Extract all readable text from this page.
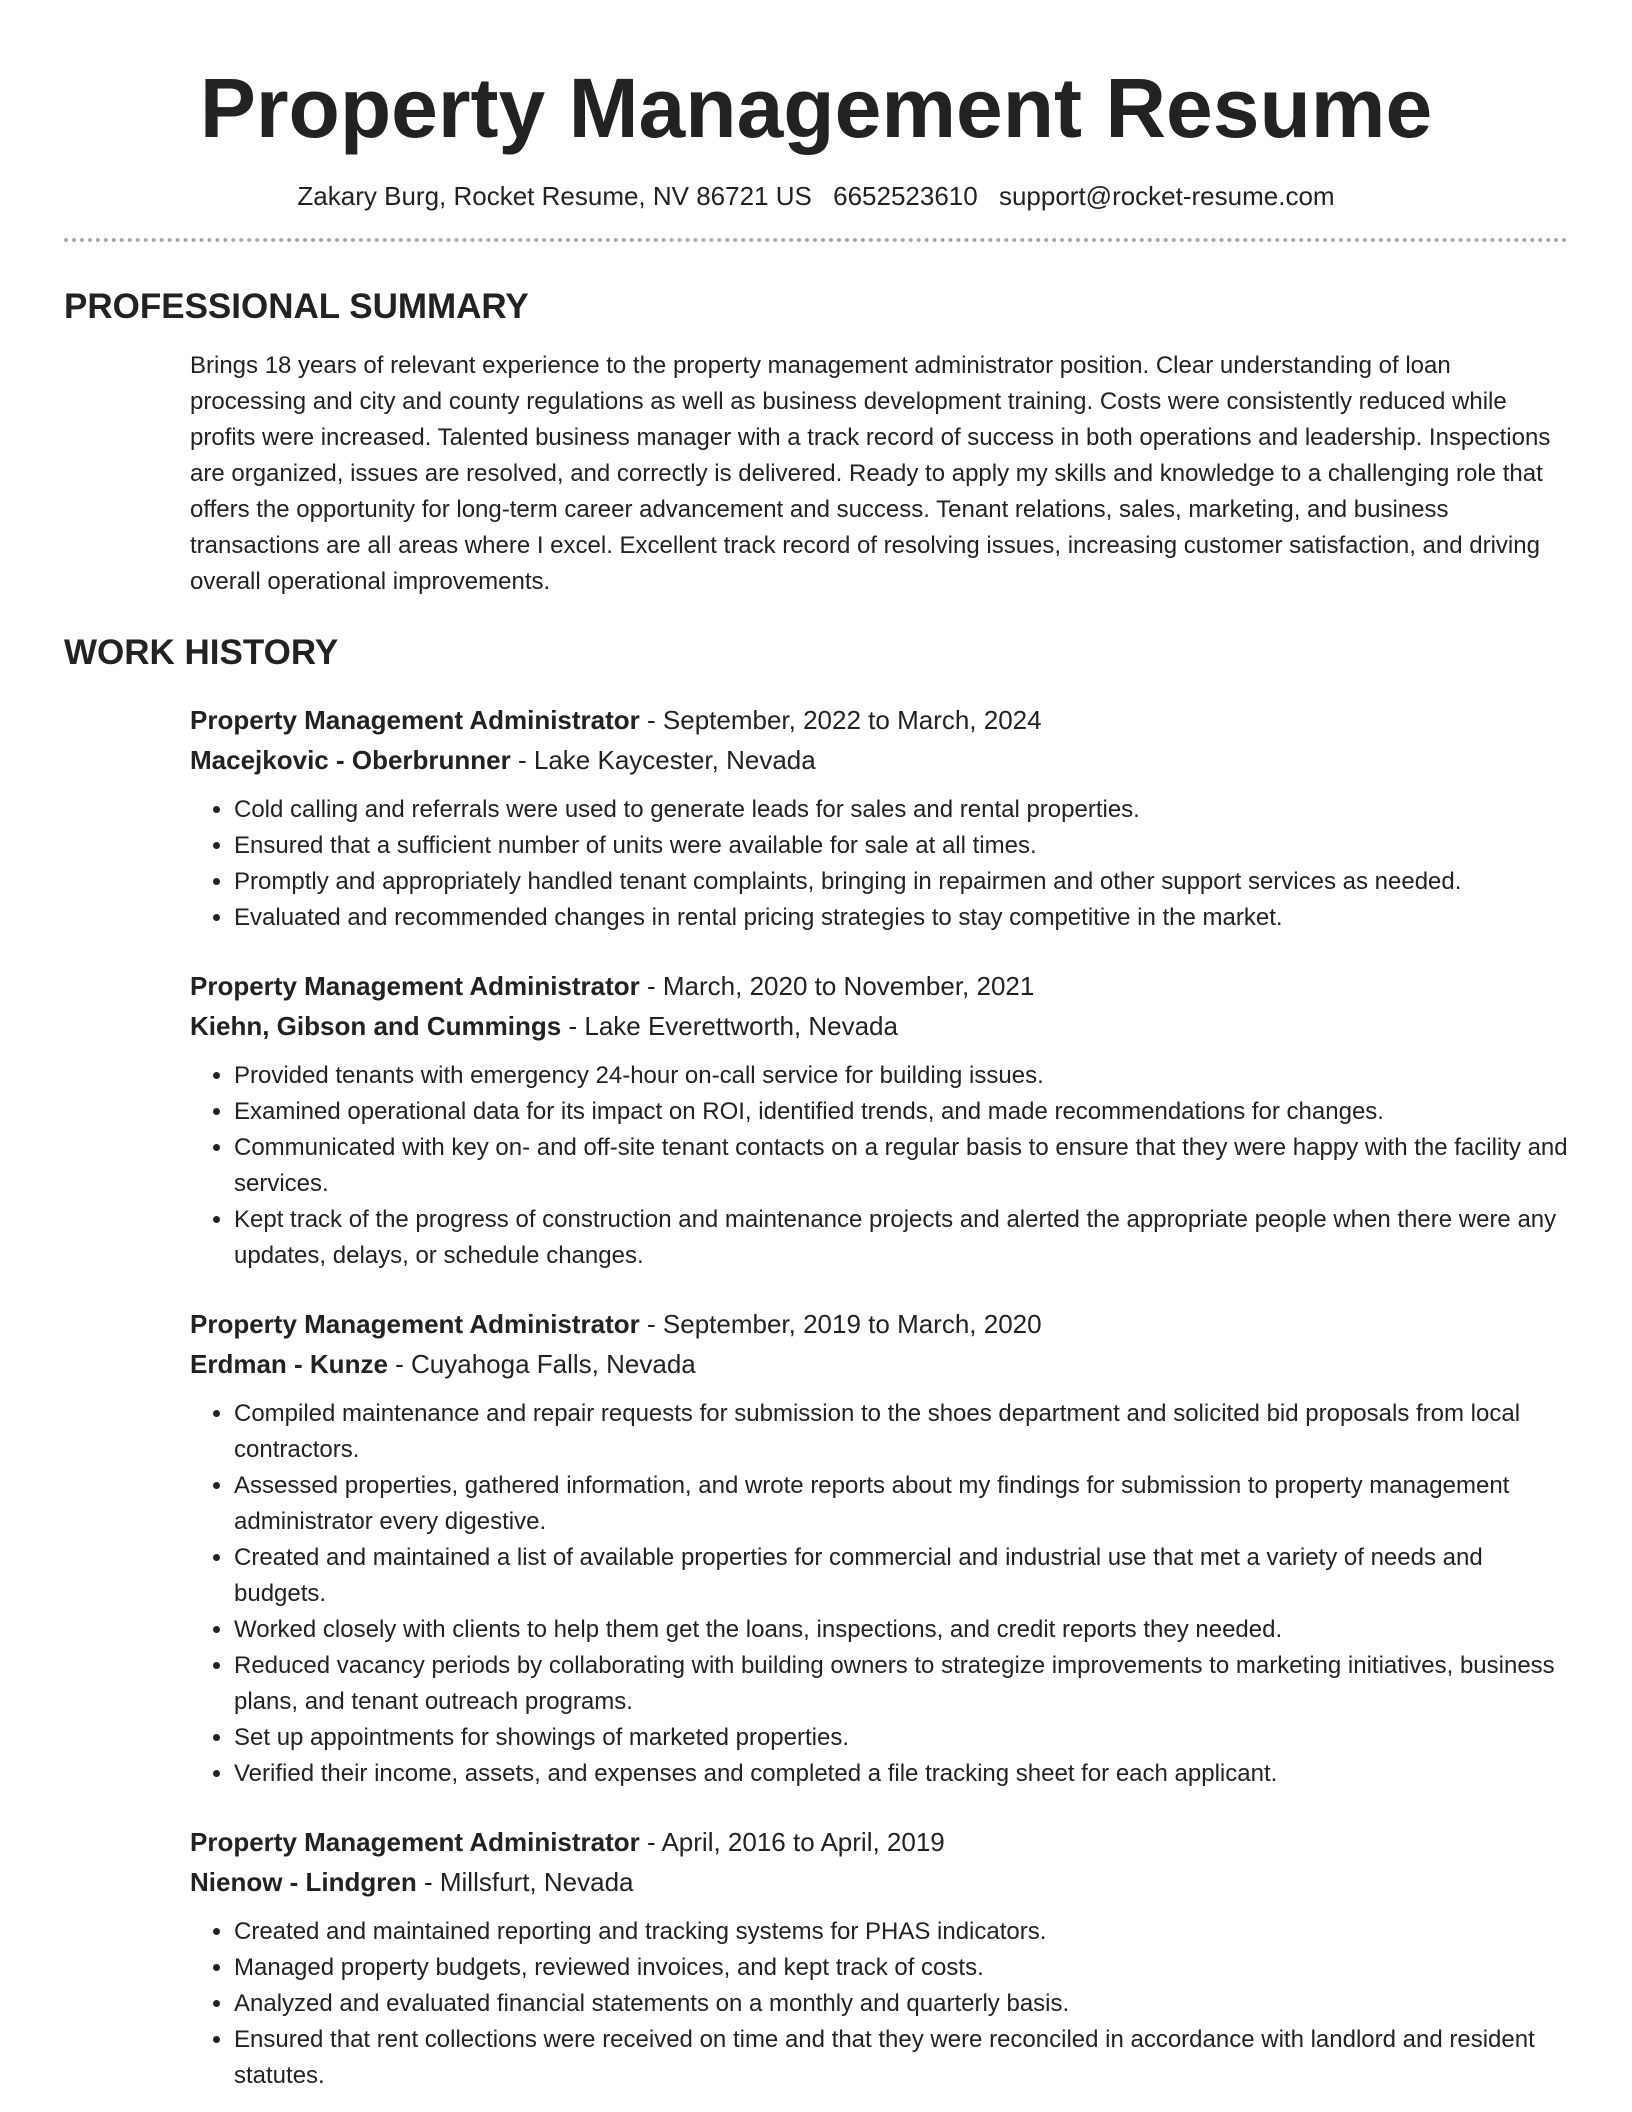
Property Management Resume
Zakary Burg, Rocket Resume, NV 86721 US 6652523610 support@rocket-resume.com
PROFESSIONAL SUMMARY

Brings 18 years of relevant experience to the property management administrator position. Clear understanding of loan processing and city and county regulations as well as business development training. Costs were consistently reduced while profits were increased. Talented business manager with a track record of success in both operations and leadership. Inspections are organized, issues are resolved, and correctly is delivered. Ready to apply my skills and knowledge to a challenging role that offers the opportunity for long-term career advancement and success. Tenant relations, sales, marketing, and business transactions are all areas where I excel. Excellent track record of resolving issues, increasing customer satisfaction, and driving overall operational improvements.

WORK HISTORY

Property Management Administrator - September, 2022 to March, 2024

Macejkovic - Oberbrunner - Lake Kaycester, Nevada

• Cold calling and referrals were used to generate leads for sales and rental properties.
• Ensured that a sufficient number of units were available for sale at all times.
• Promptly and appropriately handled tenant complaints, bringing in repairmen and other support services as needed.
• Evaluated and recommended changes in rental pricing strategies to stay competitive in the market.

Property Management Administrator - March, 2020 to November, 2021

Kiehn, Gibson and Cummings - Lake Everettworth, Nevada

• Provided tenants with emergency 24-hour on-call service for building issues.
• Examined operational data for its impact on ROI, identified trends, and made recommendations for changes.
• Communicated with key on- and off-site tenant contacts on a regular basis to ensure that they were happy with the facility and services.
• Kept track of the progress of construction and maintenance projects and alerted the appropriate people when there were any updates, delays, or schedule changes.

Property Management Administrator - September, 2019 to March, 2020

Erdman - Kunze - Cuyahoga Falls, Nevada

• Compiled maintenance and repair requests for submission to the shoes department and solicited bid proposals from local contractors.
• Assessed properties, gathered information, and wrote reports about my findings for submission to property management administrator every digestive.
• Created and maintained a list of available properties for commercial and industrial use that met a variety of needs and budgets.
• Worked closely with clients to help them get the loans, inspections, and credit reports they needed.
• Reduced vacancy periods by collaborating with building owners to strategize improvements to marketing initiatives, business plans, and tenant outreach programs.
• Set up appointments for showings of marketed properties.
• Verified their income, assets, and expenses and completed a file tracking sheet for each applicant.

Property Management Administrator - April, 2016 to April, 2019

Nienow - Lindgren - Millsfurt, Nevada

• Created and maintained reporting and tracking systems for PHAS indicators.
• Managed property budgets, reviewed invoices, and kept track of costs.
• Analyzed and evaluated financial statements on a monthly and quarterly basis.
• Ensured that rent collections were received on time and that they were reconciled in accordance with landlord and resident statutes.
